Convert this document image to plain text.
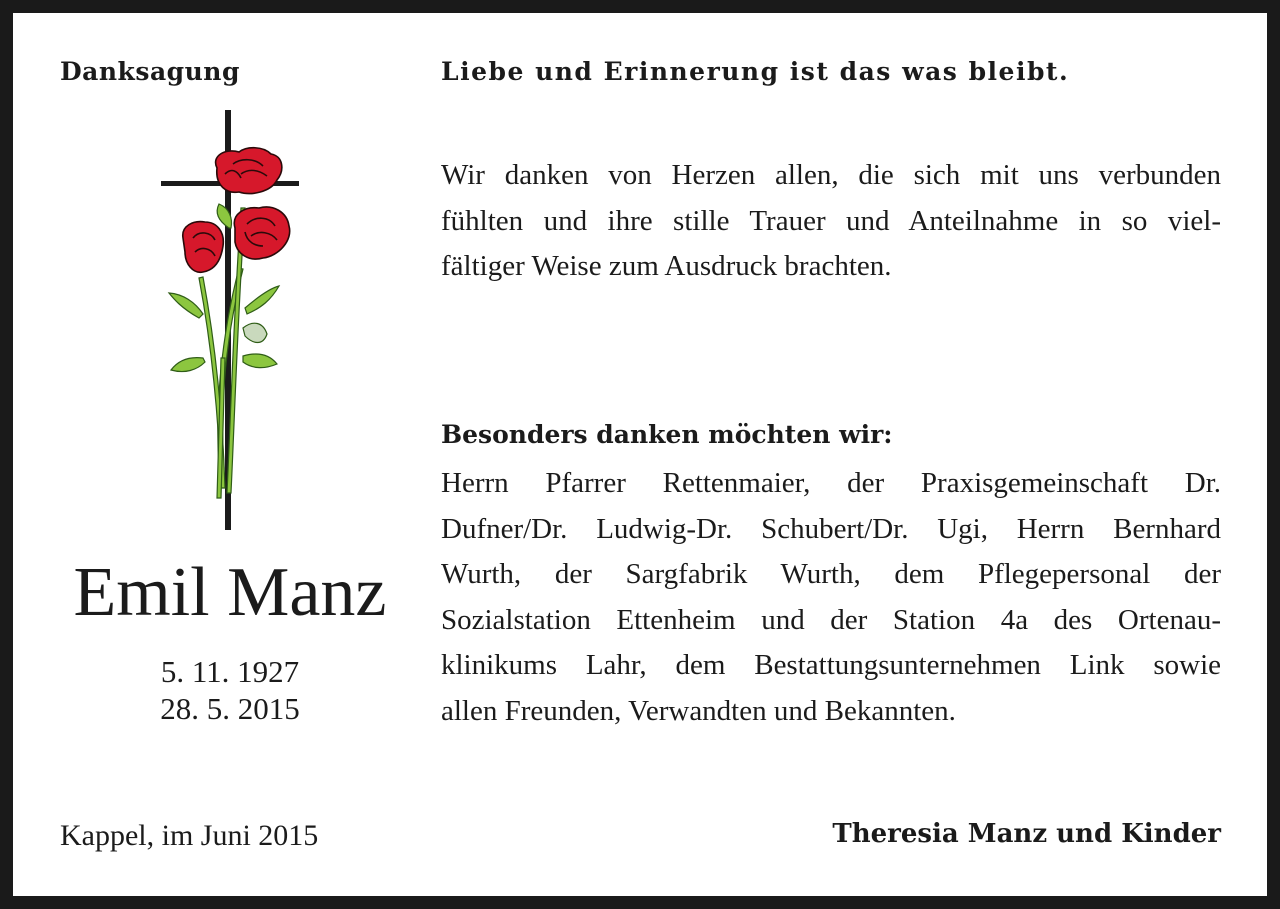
Danksagung	Liebe und Erinnerung ist das was bleibt.
Wir danken von Herzen allen, die sich mit uns verbunden
fühlten und ihre stille Trauer und Anteilnahme in so viel-
fältiger Weise zum Ausdruck brachten.
Besonders danken möchten wir:
Herrn Pfarrer Rettenmaier, der Praxisgemeinschaft Dr.
Dufner/Dr. Ludwig-Dr. Schubert/Dr. Ugi, Herrn Bernhard
Wurth, der Sargfabrik Wurth, dem Pflegepersonal der
Sozialstation Ettenheim und der Station 4a des Ortenau-
klinikums Lahr, dem Bestattungsunternehmen Link sowie
allen Freunden, Verwandten und Bekannten.
Emil Manz
5. 11. 1927
28. 5. 2015
Kappel, im Juni 2015	Theresia Manz und Kinder
